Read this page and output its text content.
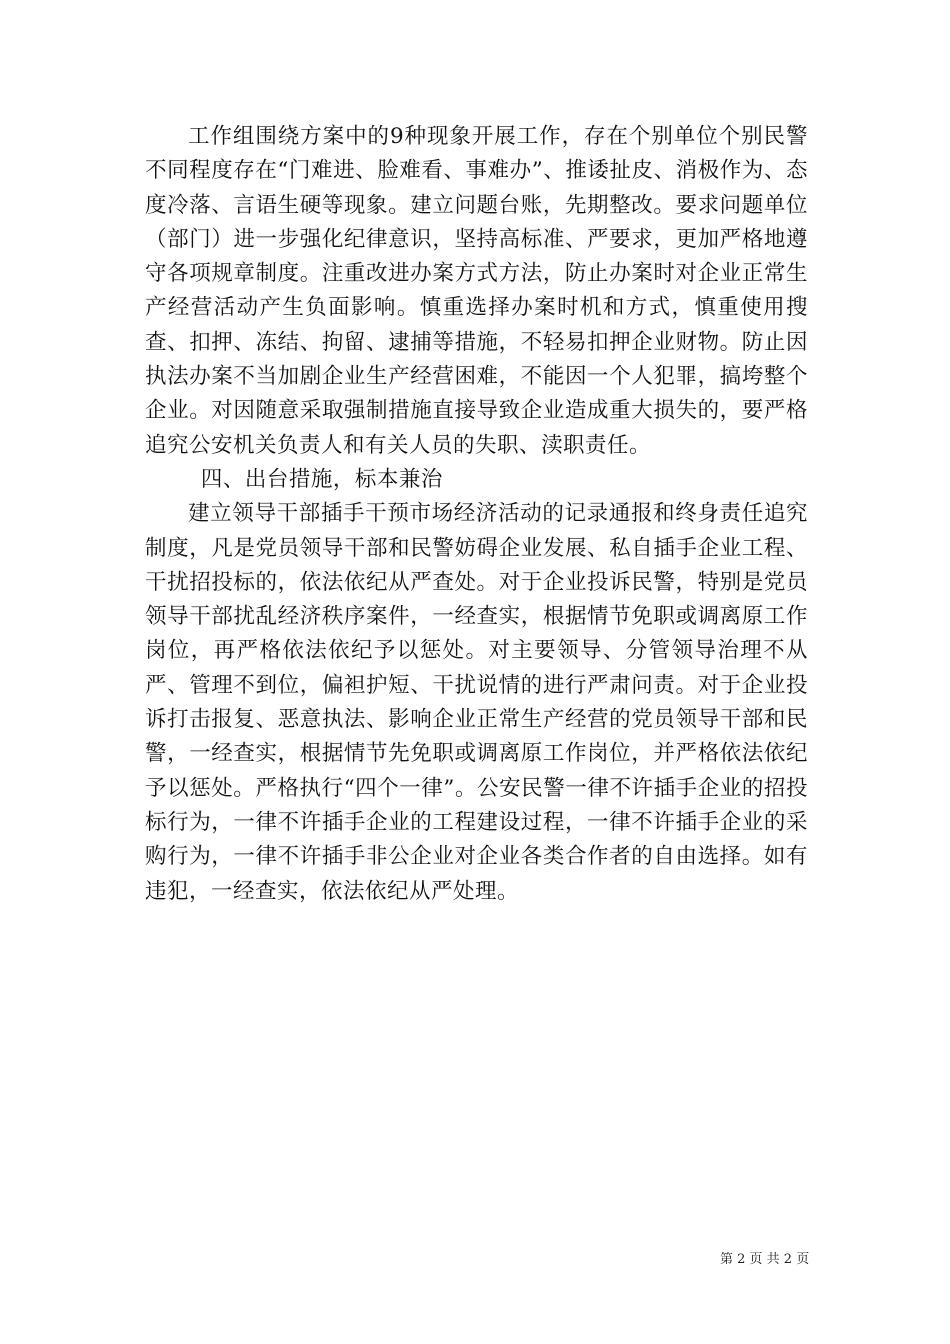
工作组围绕方案中的9种现象开展工作，存在个别单位个别民警不同程度存在“门难进、脸难看、事难办”、推诿扯皮、消极作为、态度冷落、言语生硬等现象。建立问题台账，先期整改。要求问题单位（部门）进一步强化纪律意识，坚持高标准、严要求，更加严格地遵守各项规章制度。注重改进办案方式方法，防止办案时对企业正常生产经营活动产生负面影响。慎重选择办案时机和方式，慎重使用搜查、扣押、冻结、拘留、逮捕等措施，不轻易扣押企业财物。防止因执法办案不当加剧企业生产经营困难，不能因一个人犯罪，搞垮整个企业。对因随意采取强制措施直接导致企业造成重大损失的，要严格追究公安机关负责人和有关人员的失职、渎职责任。

四、出台措施，标本兼治

建立领导干部插手干预市场经济活动的记录通报和终身责任追究制度，凡是党员领导干部和民警妨碍企业发展、私自插手企业工程、干扰招投标的，依法依纪从严查处。对于企业投诉民警，特别是党员领导干部扰乱经济秩序案件，一经查实，根据情节免职或调离原工作岗位，再严格依法依纪予以惩处。对主要领导、分管领导治理不从严、管理不到位，偏袒护短、干扰说情的进行严肃问责。对于企业投诉打击报复、恶意执法、影响企业正常生产经营的党员领导干部和民警，一经查实，根据情节先免职或调离原工作岗位，并严格依法依纪予以惩处。严格执行“四个一律”。公安民警一律不许插手企业的招投标行为，一律不许插手企业的工程建设过程，一律不许插手企业的采购行为，一律不许插手非公企业对企业各类合作者的自由选择。如有违犯，一经查实，依法依纪从严处理。

第 2 页 共 2 页
